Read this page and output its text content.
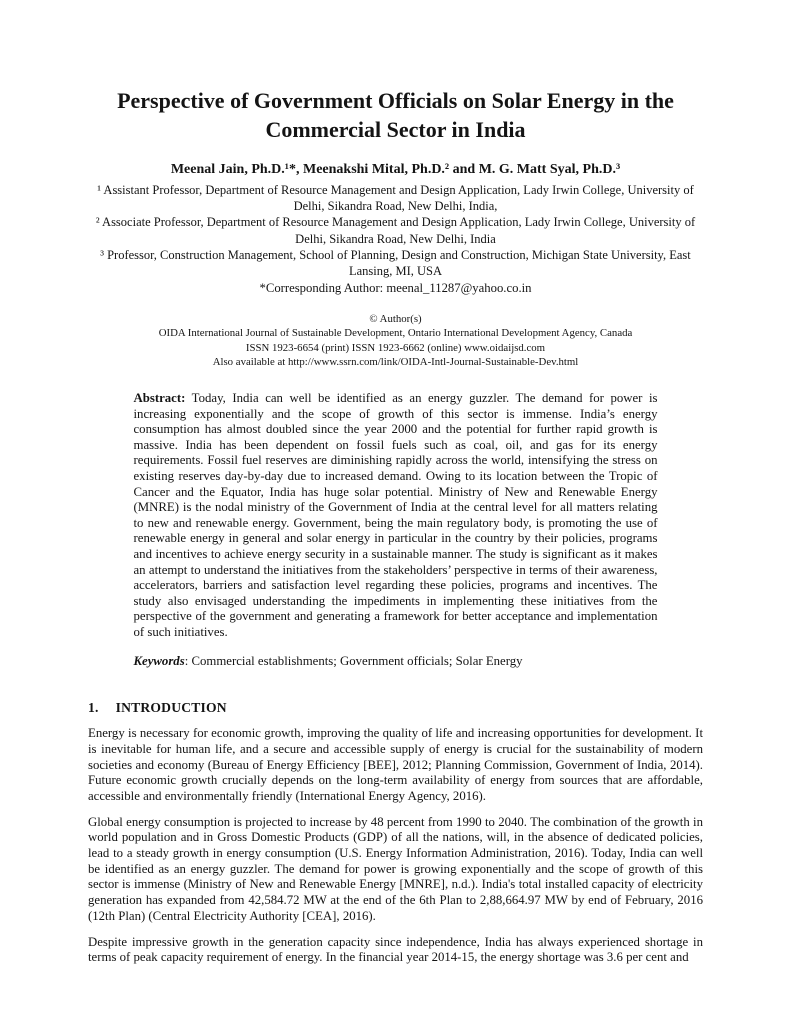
Perspective of Government Officials on Solar Energy in the Commercial Sector in India

Meenal Jain, Ph.D.¹*, Meenakshi Mital, Ph.D.² and M. G. Matt Syal, Ph.D.³

¹ Assistant Professor, Department of Resource Management and Design Application, Lady Irwin College, University of Delhi, Sikandra Road, New Delhi, India,

² Associate Professor, Department of Resource Management and Design Application, Lady Irwin College, University of Delhi, Sikandra Road, New Delhi, India

³ Professor, Construction Management, School of Planning, Design and Construction, Michigan State University, East Lansing, MI, USA

*Corresponding Author: meenal_11287@yahoo.co.in

© Author(s)

OIDA International Journal of Sustainable Development, Ontario International Development Agency, Canada

ISSN 1923-6654 (print) ISSN 1923-6662 (online) www.oidaijsd.com

Also available at http://www.ssrn.com/link/OIDA-Intl-Journal-Sustainable-Dev.html

Abstract: Today, India can well be identified as an energy guzzler. The demand for power is increasing exponentially and the scope of growth of this sector is immense. India’s energy consumption has almost doubled since the year 2000 and the potential for further rapid growth is massive. India has been dependent on fossil fuels such as coal, oil, and gas for its energy requirements. Fossil fuel reserves are diminishing rapidly across the world, intensifying the stress on existing reserves day-by-day due to increased demand. Owing to its location between the Tropic of Cancer and the Equator, India has huge solar potential. Ministry of New and Renewable Energy (MNRE) is the nodal ministry of the Government of India at the central level for all matters relating to new and renewable energy. Government, being the main regulatory body, is promoting the use of renewable energy in general and solar energy in particular in the country by their policies, programs and incentives to achieve energy security in a sustainable manner. The study is significant as it makes an attempt to understand the initiatives from the stakeholders’ perspective in terms of their awareness, accelerators, barriers and satisfaction level regarding these policies, programs and incentives. The study also envisaged understanding the impediments in implementing these initiatives from the perspective of the government and generating a framework for better acceptance and implementation of such initiatives.

Keywords: Commercial establishments; Government officials; Solar Energy

1. INTRODUCTION

Energy is necessary for economic growth, improving the quality of life and increasing opportunities for development. It is inevitable for human life, and a secure and accessible supply of energy is crucial for the sustainability of modern societies and economy (Bureau of Energy Efficiency [BEE], 2012; Planning Commission, Government of India, 2014). Future economic growth crucially depends on the long-term availability of energy from sources that are affordable, accessible and environmentally friendly (International Energy Agency, 2016).

Global energy consumption is projected to increase by 48 percent from 1990 to 2040. The combination of the growth in world population and in Gross Domestic Products (GDP) of all the nations, will, in the absence of dedicated policies, lead to a steady growth in energy consumption (U.S. Energy Information Administration, 2016). Today, India can well be identified as an energy guzzler. The demand for power is growing exponentially and the scope of growth of this sector is immense (Ministry of New and Renewable Energy [MNRE], n.d.). India's total installed capacity of electricity generation has expanded from 42,584.72 MW at the end of the 6th Plan to 2,88,664.97 MW by end of February, 2016 (12th Plan) (Central Electricity Authority [CEA], 2016).

Despite impressive growth in the generation capacity since independence, India has always experienced shortage in terms of peak capacity requirement of energy. In the financial year 2014-15, the energy shortage was 3.6 per cent and
